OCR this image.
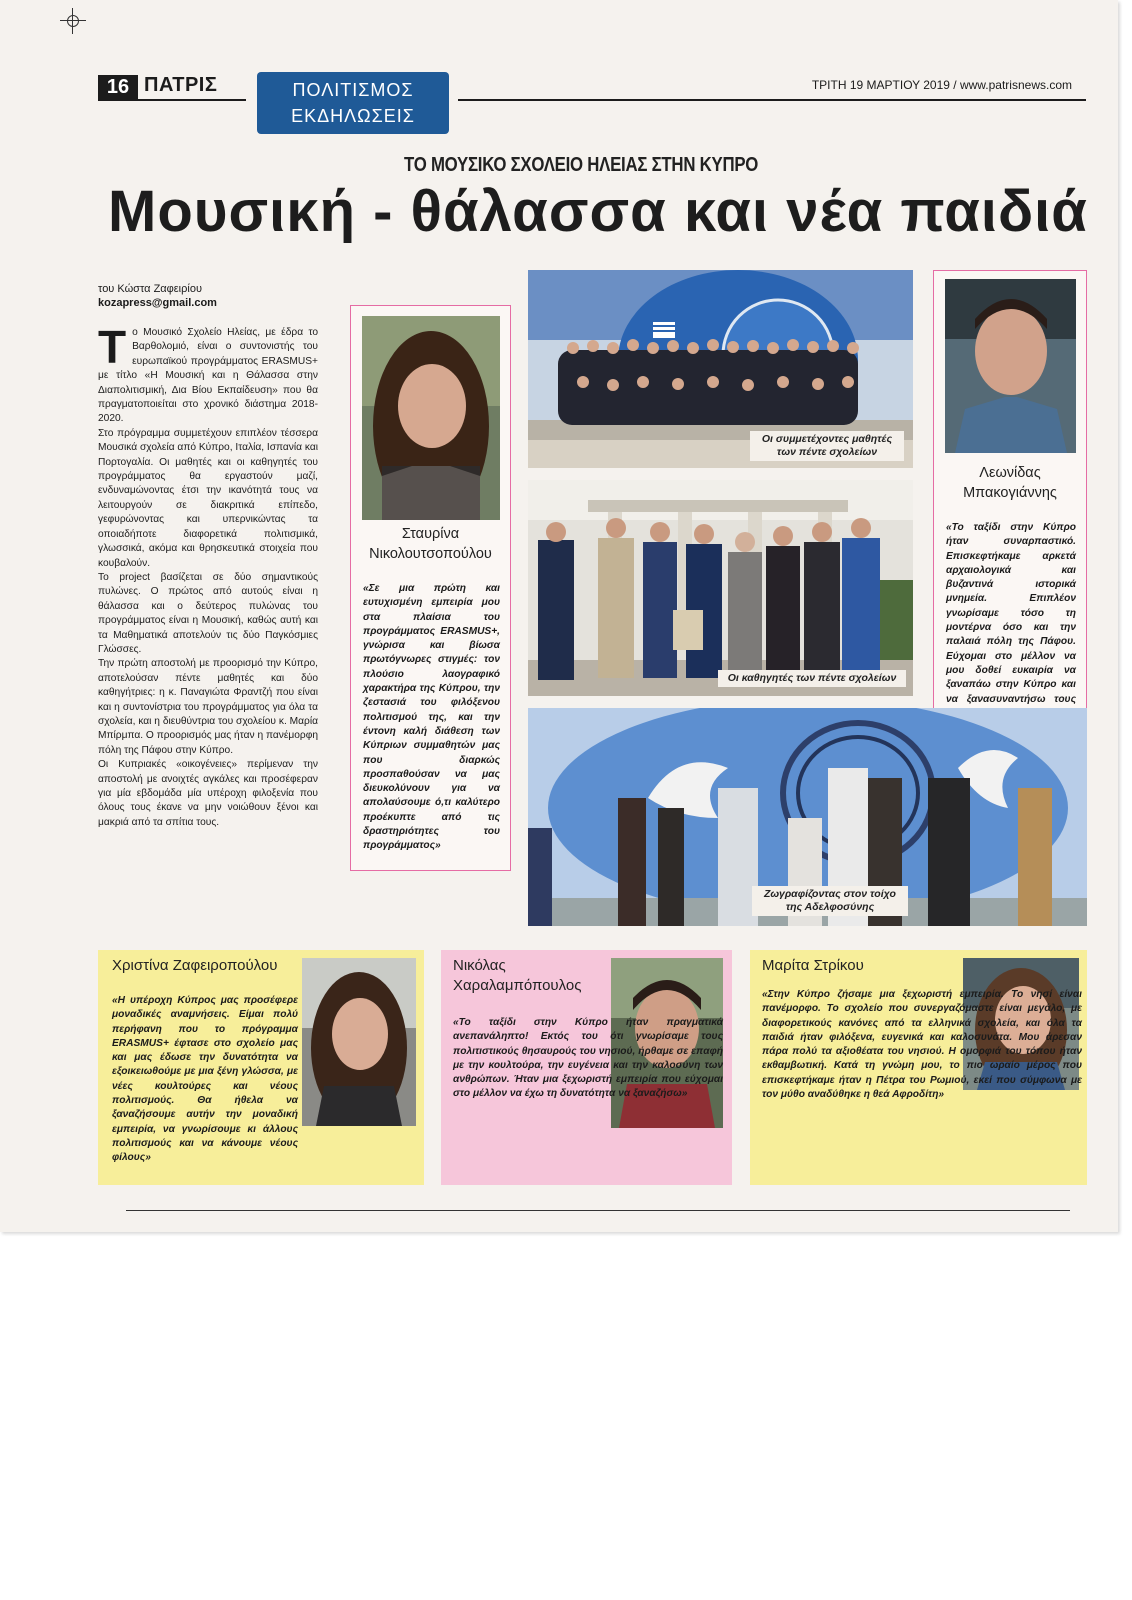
16 ΠΑΤΡΙΣ	ΠΟΛΙΤΙΣΜΟΣ
ΕΚΔΗΛΩΣΕΙΣ
ΤΡΙΤΗ 19 ΜΑΡΤΙΟΥ 2019 / www.patrisnews.com
ΤΟ ΜΟΥΣΙΚΟ ΣΧΟΛΕΙΟ ΗΛΕΙΑΣ ΣΤΗΝ ΚΥΠΡΟ
Μουσική - θάλασσα και νέα παιδιά
του Κώστα Ζαφειρίου
kozapress@gmail.com

Το Μουσικό Σχολείο Ηλείας, με έδρα το Βαρθολομιό, είναι ο συντονιστής του ευρωπαϊκού προγράμματος ERASMUS+ με τίτλο «Η Μουσική και η Θάλασσα στην Διαπολιτισμική, Δια Βίου Εκπαίδευση» που θα πραγματοποιείται στο χρονικό διάστημα 2018-2020.

Στο πρόγραμμα συμμετέχουν επιπλέον τέσσερα Μουσικά σχολεία από Κύπρο, Ιταλία, Ισπανία και Πορτογαλία. Οι μαθητές και οι καθηγητές του προγράμματος θα εργαστούν μαζί, ενδυναμώνοντας έτσι την ικανότητά τους να λειτουργούν σε διακριτικά επίπεδο, γεφυρώνοντας και υπερνικώντας τα οποιαδήποτε διαφορετικά πολιτισμικά, γλωσσικά, ακόμα και θρησκευτικά στοιχεία που κουβαλούν.

Το project βασίζεται σε δύο σημαντικούς πυλώνες. Ο πρώτος από αυτούς είναι η θάλασσα και ο δεύτερος πυλώνας του προγράμματος είναι η Μουσική, καθώς αυτή και τα Μαθηματικά αποτελούν τις δύο Παγκόσμιες Γλώσσες.

Την πρώτη αποστολή με προορισμό την Κύπρο, αποτελούσαν πέντε μαθητές και δύο καθηγήτριες: η κ. Παναγιώτα Φραντζή που είναι και η συντονίστρια του προγράμματος για όλα τα σχολεία, και η διευθύντρια του σχολείου κ. Μαρία Μπίρμπα. Ο προορισμός μας ήταν η πανέμορφη πόλη της Πάφου στην Κύπρο.

Οι Κυπριακές «οικογένειες» περίμεναν την αποστολή με ανοιχτές αγκάλες και προσέφεραν για μία εβδομάδα μία υπέροχη φιλοξενία που όλους τους έκανε να μην νοιώθουν ξένοι και μακριά από τα σπίτια τους.

Σταυρίνα
Νικολουτσοπούλου
«Σε μια πρώτη και ευτυχισμένη εμπειρία μου στα πλαίσια του προγράμματος ERASMUS+, γνώρισα και βίωσα πρωτόγνωρες στιγμές: τον πλούσιο λαογραφικό χαρακτήρα της Κύπρου, την ζεστασιά του φιλόξενου πολιτισμού της, και την έντονη καλή διάθεση των Κύπριων συμμαθητών μας που διαρκώς προσπαθούσαν να μας διευκολύνουν για να απολαύσουμε ό,τι καλύτερο προέκυπτε από τις δραστηριότητες του προγράμματος»
Οι συμμετέχοντες μαθητές
των πέντε σχολείων
Οι καθηγητές των πέντε σχολείων
Λεωνίδας
Μπακογιάννης
«Το ταξίδι στην Κύπρο ήταν συναρπαστικό. Επισκεφτήκαμε αρκετά αρχαιολογικά και βυζαντινά ιστορικά μνημεία. Επιπλέον γνωρίσαμε τόσο τη μοντέρνα όσο και την παλαιά πόλη της Πάφου. Εύχομαι στο μέλλον να μου δοθεί ευκαιρία να ξαναπάω στην Κύπρο και να ξανασυναντήσω τους
Ζωγραφίζοντας στον τοίχο
της Αδελφοσύνης
Χριστίνα Ζαφειροπούλου
«Η υπέροχη Κύπρος μας προσέφερε μοναδικές αναμνήσεις. Είμαι πολύ περήφανη που το πρόγραμμα ERASMUS+ έφτασε στο σχολείο μας και μας έδωσε την δυνατότητα να εξοικειωθούμε με μια ξένη γλώσσα, με νέες κουλτούρες και νέους πολιτισμούς. Θα ήθελα να ξαναζήσουμε αυτήν την μοναδική εμπειρία, να γνωρίσουμε κι άλλους πολιτισμούς και να κάνουμε νέους φίλους»
Νικόλας
Χαραλαμπόπουλος
«Το ταξίδι στην Κύπρο ήταν πραγματικά ανεπανάληπτο! Εκτός του ότι γνωρίσαμε τους πολιτιστικούς θησαυρούς του νησιού, ήρθαμε σε επαφή με την κουλτούρα, την ευγένεια και την καλοσύνη των ανθρώπων. Ήταν μια ξεχωριστή εμπειρία που εύχομαι στο μέλλον να έχω τη δυνατότητα να ξαναζήσω»
Μαρίτα Στρίκου
«Στην Κύπρο ζήσαμε μια ξεχωριστή εμπειρία. Το νησί είναι πανέμορφο. Το σχολείο που συνεργαζόμαστε είναι μεγάλο, με διαφορετικούς κανόνες από τα ελληνικά σχολεία, και όλα τα παιδιά ήταν φιλόξενα, ευγενικά και καλοσυνάτα. Μου άρεσαν πάρα πολύ τα αξιοθέατα του νησιού. Η ομορφιά του τόπου ήταν εκθαμβωτική. Κατά τη γνώμη μου, το πιο ωραίο μέρος που επισκεφτήκαμε ήταν η Πέτρα του Ρωμιού, εκεί που σύμφωνα με τον μύθο αναδύθηκε η θεά Αφροδίτη»
